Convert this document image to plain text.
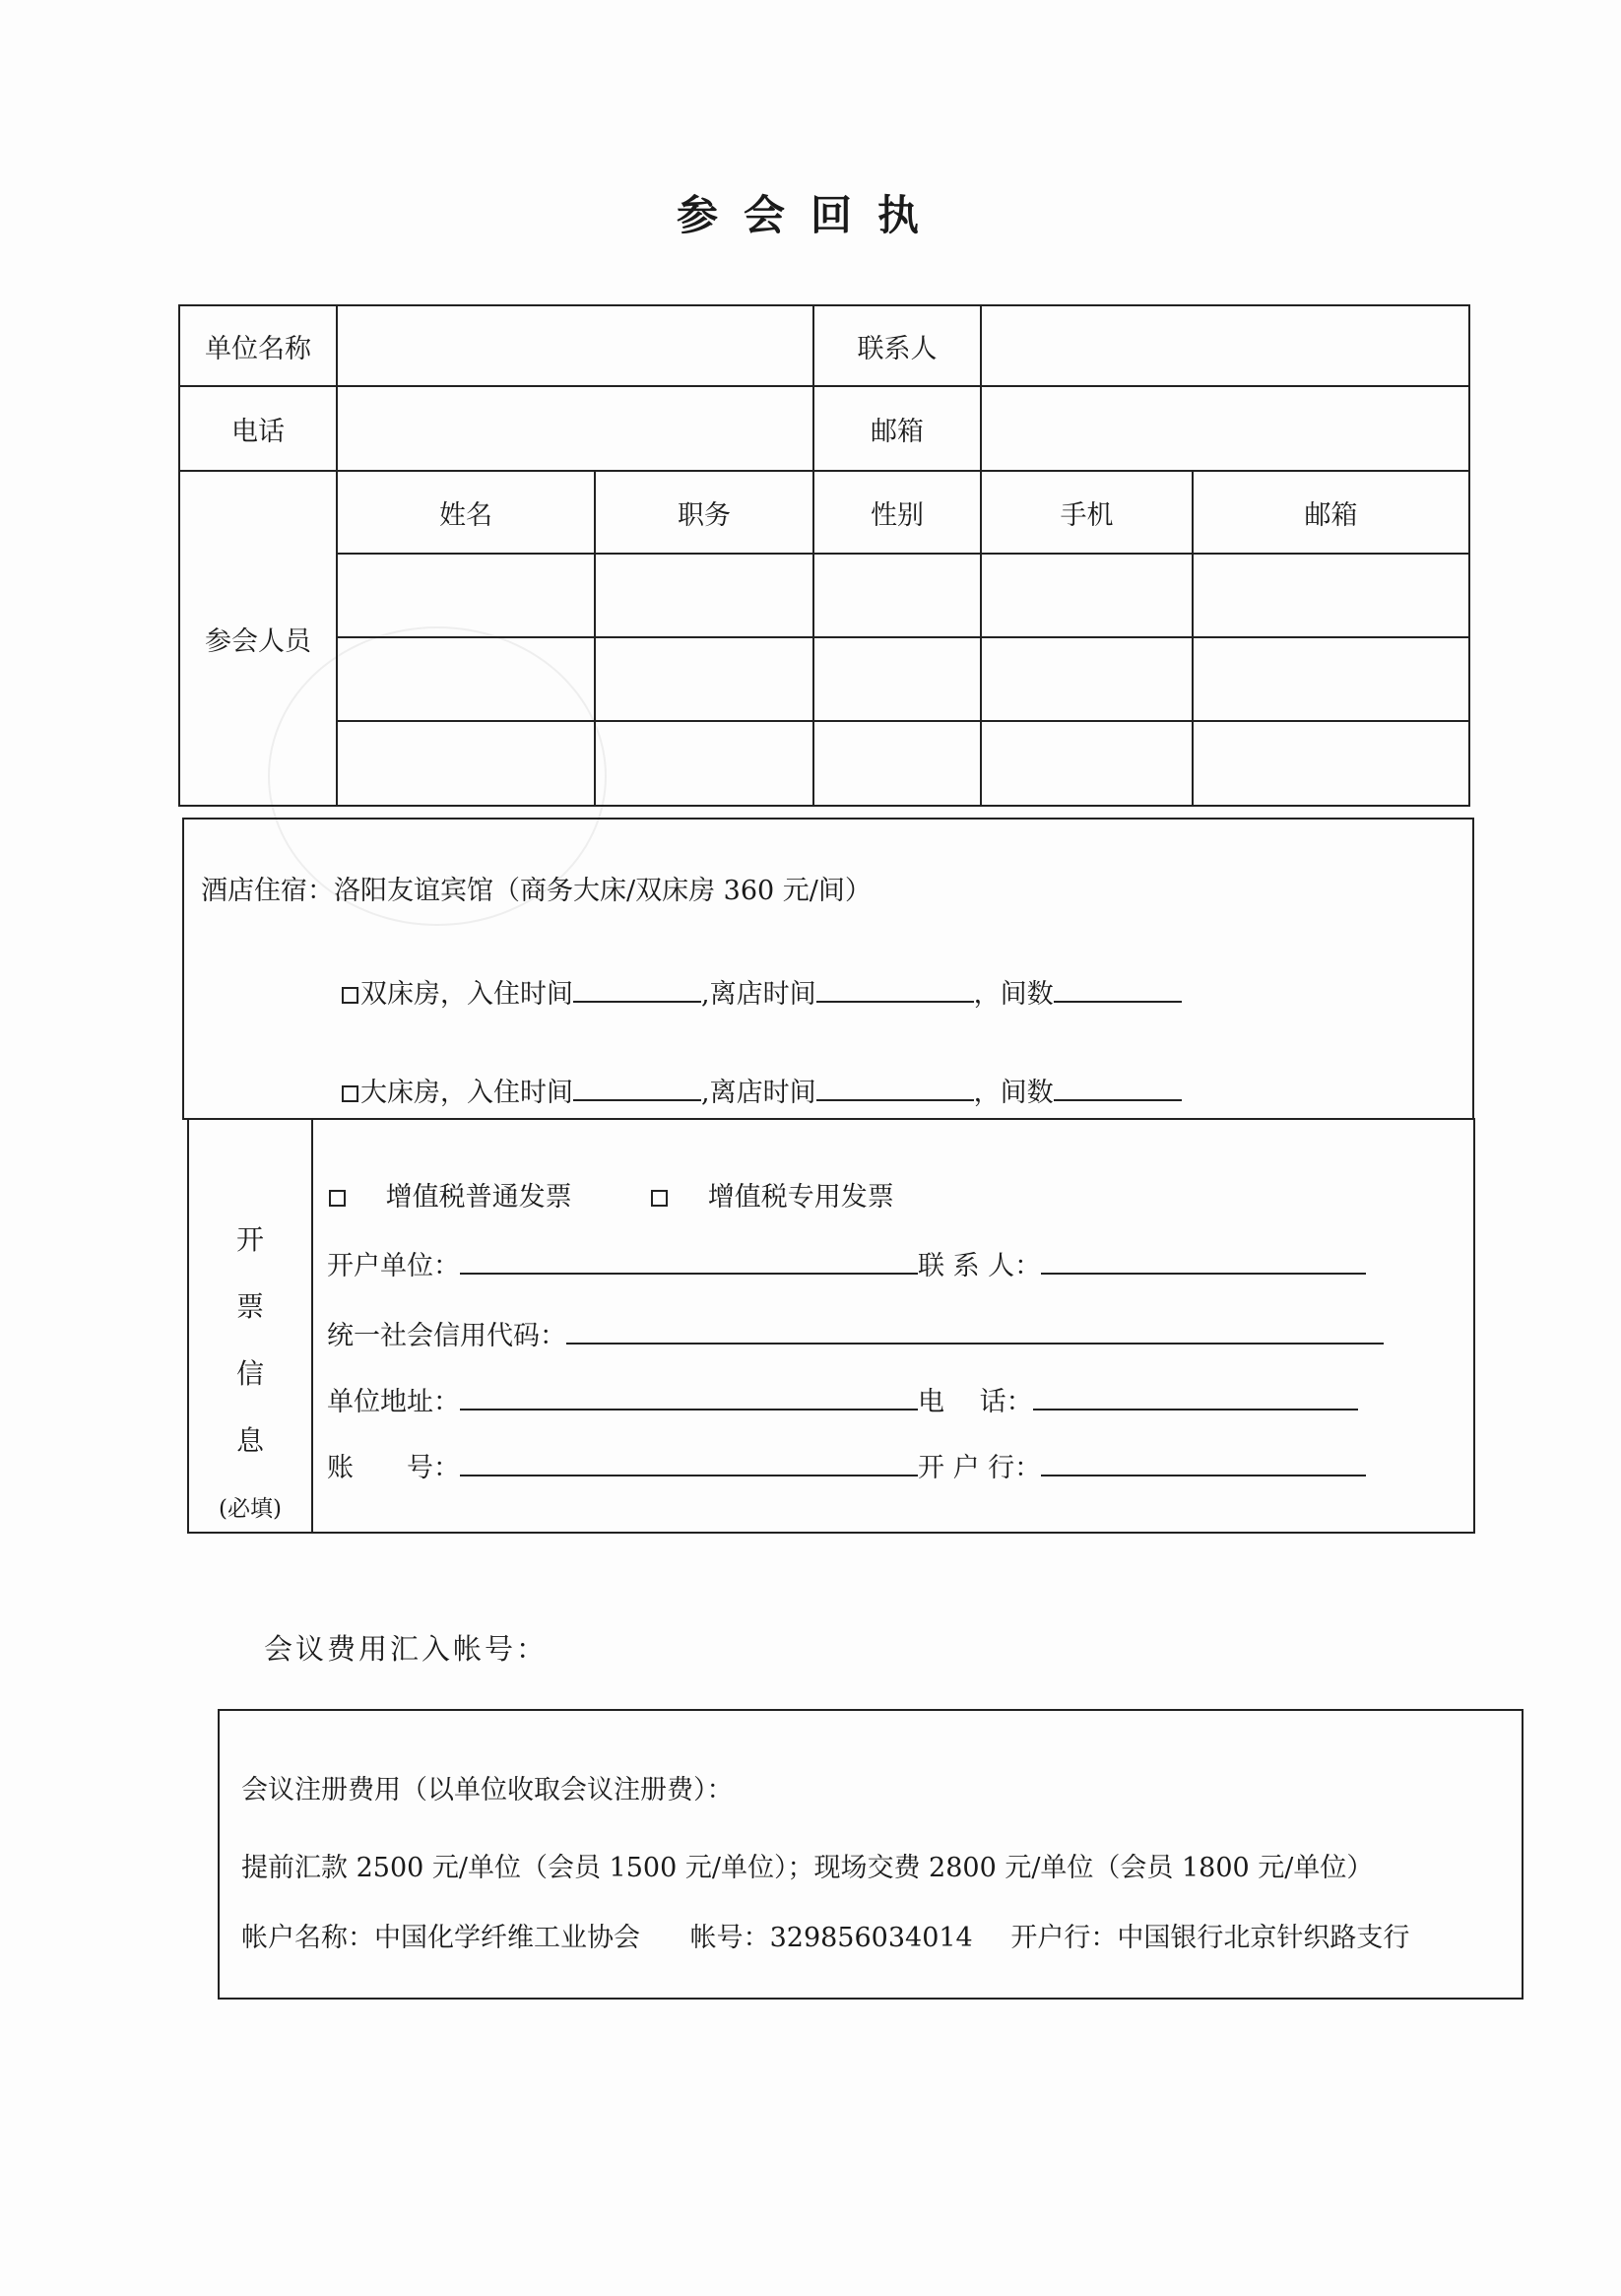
参会回执
单位名称			联系人		
电话			邮箱		
参会人员	姓名	职务	性别	手机	邮箱

酒店住宿：洛阳友谊宾馆（商务大床/双床房 360 元/间）
双床房，入住时间	,离店时间	，间数
大床房，入住时间	,离店时间	，间数
开
票
信
息
(必填)
增值税普通发票	增值税专用发票
开户单位：	联 系 人：
统一社会信用代码：
单位地址：	电　 话：
账　　号：	开 户 行：
会议费用汇入帐号：
会议注册费用（以单位收取会议注册费）：
提前汇款 2500 元/单位（会员 1500 元/单位）；现场交费 2800 元/单位（会员 1800 元/单位）
帐户名称：中国化学纤维工业协会 帐号：329856034014 开户行：中国银行北京针织路支行
